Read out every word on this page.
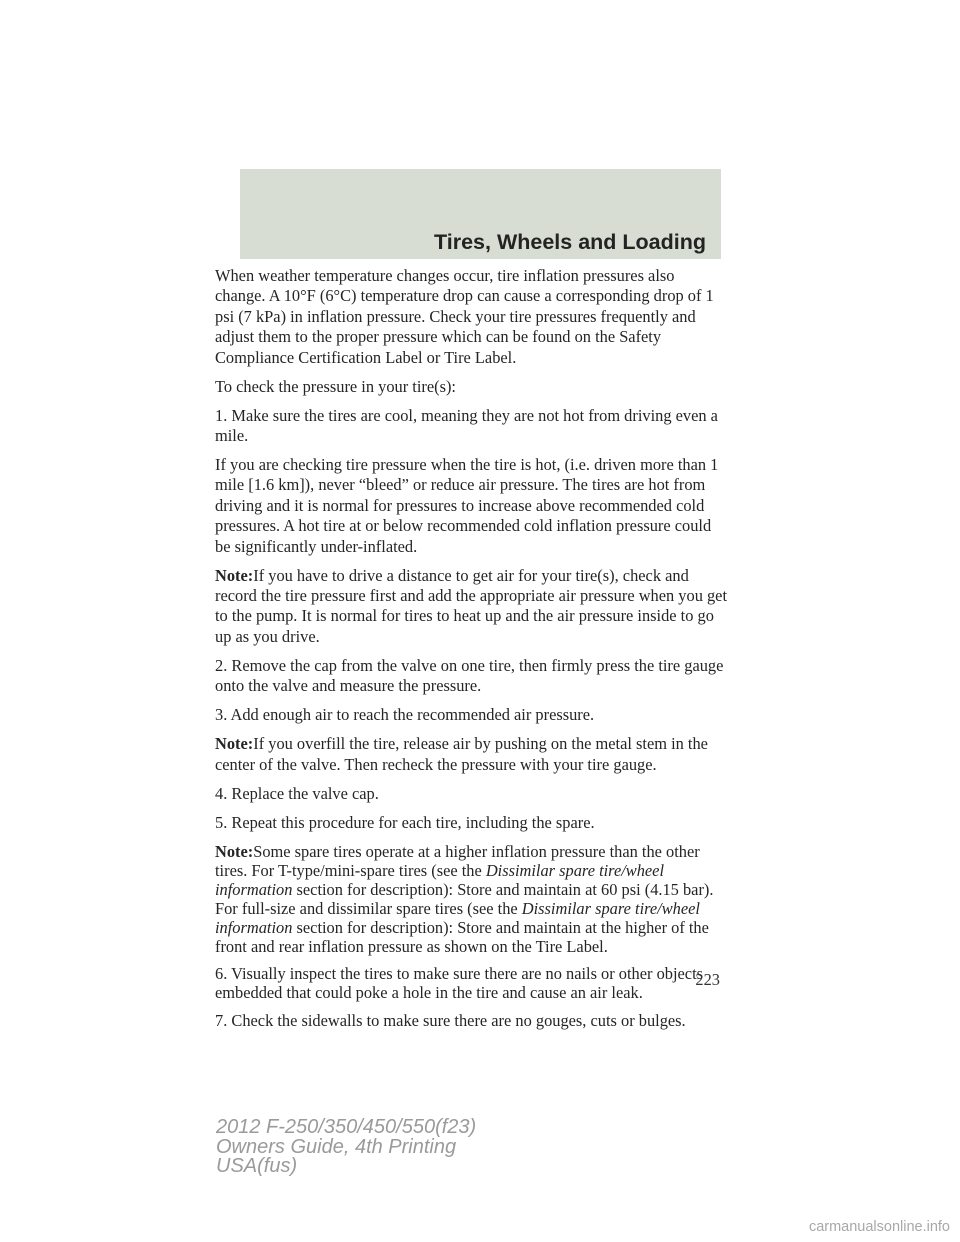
Tires, Wheels and Loading

When weather temperature changes occur, tire inflation pressures also change. A 10°F (6°C) temperature drop can cause a corresponding drop of 1 psi (7 kPa) in inflation pressure. Check your tire pressures frequently and adjust them to the proper pressure which can be found on the Safety Compliance Certification Label or Tire Label.

To check the pressure in your tire(s):

1. Make sure the tires are cool, meaning they are not hot from driving even a mile.

If you are checking tire pressure when the tire is hot, (i.e. driven more than 1 mile [1.6 km]), never “bleed” or reduce air pressure. The tires are hot from driving and it is normal for pressures to increase above recommended cold pressures. A hot tire at or below recommended cold inflation pressure could be significantly under-inflated.

Note:If you have to drive a distance to get air for your tire(s), check and record the tire pressure first and add the appropriate air pressure when you get to the pump. It is normal for tires to heat up and the air pressure inside to go up as you drive.

2. Remove the cap from the valve on one tire, then firmly press the tire gauge onto the valve and measure the pressure.

3. Add enough air to reach the recommended air pressure.

Note:If you overfill the tire, release air by pushing on the metal stem in the center of the valve. Then recheck the pressure with your tire gauge.

4. Replace the valve cap.

5. Repeat this procedure for each tire, including the spare.

Note:Some spare tires operate at a higher inflation pressure than the other tires. For T-type/mini-spare tires (see the Dissimilar spare tire/wheel information section for description): Store and maintain at 60 psi (4.15 bar). For full-size and dissimilar spare tires (see the Dissimilar spare tire/wheel information section for description): Store and maintain at the higher of the front and rear inflation pressure as shown on the Tire Label.

6. Visually inspect the tires to make sure there are no nails or other objects embedded that could poke a hole in the tire and cause an air leak.

7. Check the sidewalls to make sure there are no gouges, cuts or bulges.

223
2012 F-250/350/450/550(f23)
Owners Guide, 4th Printing
USA(fus)
carmanualsonline.info
